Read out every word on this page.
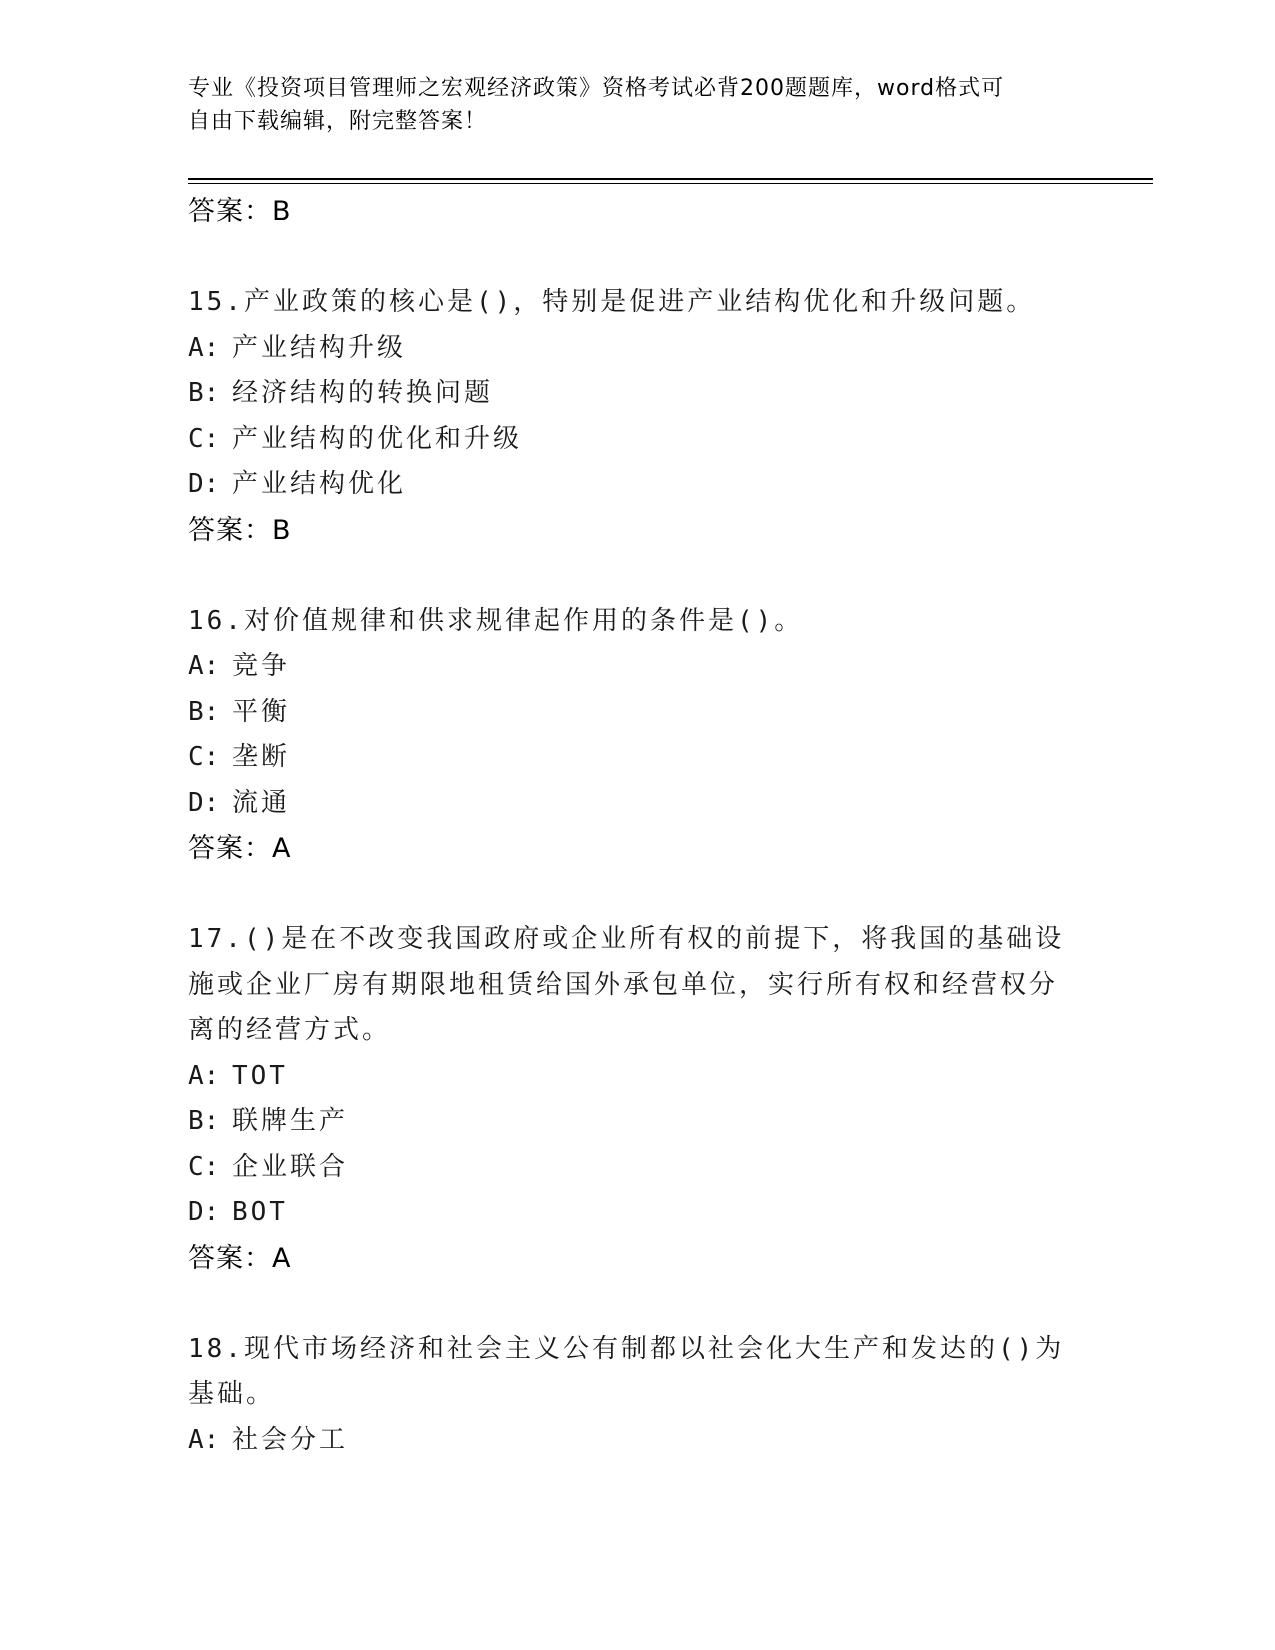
专业《投资项目管理师之宏观经济政策》资格考试必背200题题库，word格式可
自由下载编辑，附完整答案！
答案：B
15.产业政策的核心是()，特别是促进产业结构优化和升级问题。
A: 产业结构升级
B: 经济结构的转换问题
C: 产业结构的优化和升级
D: 产业结构优化
答案：B
16.对价值规律和供求规律起作用的条件是()。
A: 竞争
B: 平衡
C: 垄断
D: 流通
答案：A
17.()是在不改变我国政府或企业所有权的前提下，将我国的基础设施或企业厂房有期限地租赁给国外承包单位，实行所有权和经营权分离的经营方式。
A: TOT
B: 联牌生产
C: 企业联合
D: BOT
答案：A
18.现代市场经济和社会主义公有制都以社会化大生产和发达的()为基础。
A: 社会分工
